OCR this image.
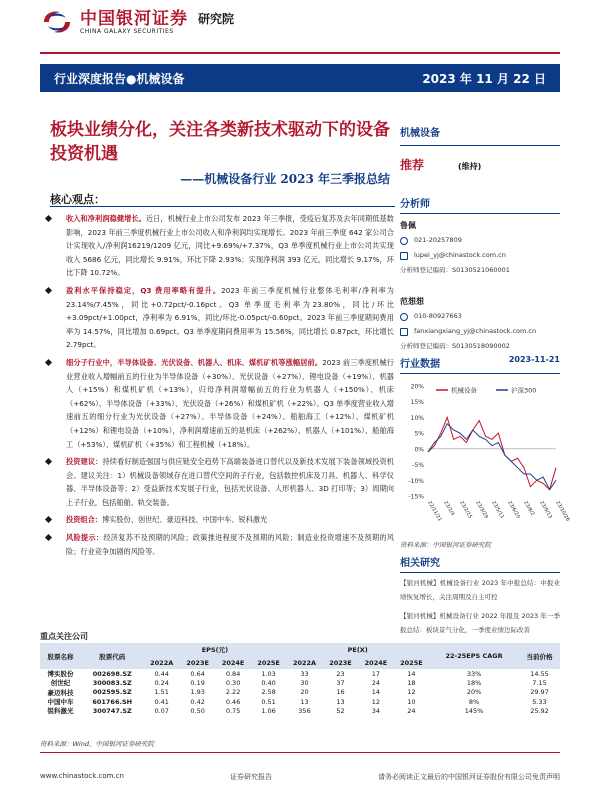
中国银河证券
CHINA GALAXY SECURITIES
研究院
行业深度报告●机械设备	2023 年 11 月 22 日
板块业绩分化，关注各类新技术驱动下的设备投资机遇
——机械设备行业 2023 年三季报总结
核心观点：
收入和净利润稳健增长。近日，机械行业上市公司发布 2023 年三季报，受疫后复苏及去年同期低基数影响，2023 年前三季度机械行业上市公司收入和净利润均实现增长。2023 年前三季度 642 家公司合计实现收入/净利润16219/1209 亿元，同比+9.69%/+7.37%，Q3 单季度机械行业上市公司共实现收入 5686 亿元，同比增长 9.91%，环比下降 2.93%；实现净利润 393 亿元，同比增长 9.17%，环比下降 10.72%。
盈利水平保持稳定，Q3 费用率略有提升。2023 年前三季度机械行业整体毛利率/净利率为 23.14%/7.45%，同比+0.72pct/-0.16pct。Q3 单季度毛利率为23.80%，同比/环比+3.09pct/+1.00pct，净利率为 6.91%，同比/环比-0.05pct/-0.60pct。2023 年前三季度期间费用率为 14.57%，同比增加 0.69pct。Q3 单季度期间费用率为 15.56%，同比增长 0.87pct，环比增长 2.79pct。
细分子行业中，半导体设备、光伏设备、机器人、机床、煤机矿机等涨幅居前。2023 前三季度机械行业营业收入增幅前五的行业为半导体设备（+30%）、光伏设备（+27%）、锂电设备（+19%）、机器人（+15%）和煤机矿机（+13%），归母净利润增幅前五的行业为机器人（+150%）、机床（+62%）、半导体设备（+33%）、光伏设备（+26%）和煤机矿机（+22%）。Q3 单季度营业收入增速前五的细分行业为光伏设备（+27%）、半导体设备（+24%）、船舶海工（+12%）、煤机矿机（+12%）和锂电设备（+10%），净利润增速前五的是机床（+262%）、机器人（+101%）、船舶海工（+53%）、煤机矿机（+35%）和工程机械（+18%）。
投资建议：持续看好制造强国与供应链安全趋势下高端装备进口替代以及新技术发展下装备领域投资机会。建议关注：1）机械设备领域存在进口替代空间的子行业，包括数控机床及刀具、机器人、科学仪器、半导体设备等；2）受益新技术发展子行业，包括光伏设备、人形机器人、3D 打印等；3）周期向上子行业，包括船舶、轨交装备。
投资组合：博实股份、创世纪、豪迈科技、中国中车、锐科激光
风险提示：经济复苏不及预期的风险；政策推进程度不及预期的风险；制造业投资增速不及预期的风险；行业竞争加剧的风险等。
机械设备
推荐	(维持)
分析师
鲁佩
021-20257809
lupei_yj@chinastock.com.cn
分析师登记编码：S0130521060001
范想想
010-80927663
fanxiangxiang_yj@chinastock.com.cn
分析师登记编码：S0130518090002
行业数据	2023-11-21
20%
15%
10%
5%
0%
-5%
-10%
-15%
机械设备	沪深300
22/11/21 23/1/4 23/2/15 23/3/29 23/5/11 23/6/20 23/8/2 23/9/13 23/10/26
资料来源：中国银河证券研究院
相关研究
【银河机械】机械设备行业 2023 年中报总结：中报业绩恢复增长，关注周期及自主可控
【银河机械】机械设备行业 2022 年报及 2023 年一季报总结：板块景气分化，一季度业绩边际改善
重点关注公司
股票名称	股票代码	EPS(元)				PE(X)				22-25EPS CAGR	当前价格
		2022A	2023E	2024E	2025E	2022A	2023E	2024E	2025E		
博实股份	002698.SZ	0.44	0.64	0.84	1.03	33	23	17	14	33%	14.55
创世纪	300083.SZ	0.24	0.19	0.30	0.40	30	37	24	18	18%	7.15
豪迈科技	002595.SZ	1.51	1.93	2.22	2.58	20	16	14	12	20%	29.97
中国中车	601766.SH	0.41	0.42	0.46	0.51	13	13	12	10	8%	5.33
锐科激光	300747.SZ	0.07	0.50	0.75	1.06	356	52	34	24	145%	25.92
资料来源：Wind，中国银河证券研究院
www.chinastock.com.cn	证券研究报告	请务必阅读正文最后的中国银河证券股份有限公司免责声明
